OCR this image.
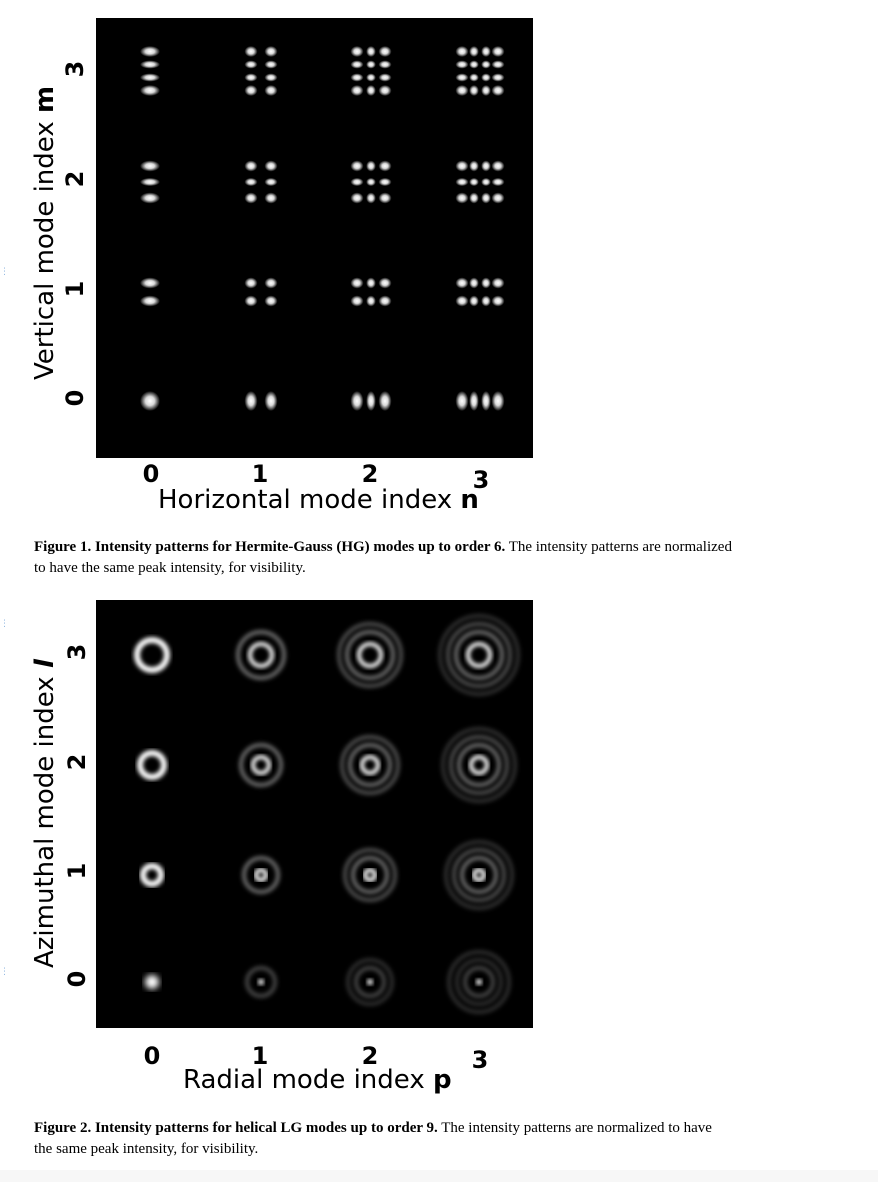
0	1	2	3
Horizontal mode index n
3
2
1
0
Vertical mode index m
Figure 1. Intensity patterns for Hermite-Gauss (HG) modes up to order 6. The intensity patterns are normalized to have the same peak intensity, for visibility.
⋮
⋮
⋮
0	1	2	3
Radial mode index p
3
2
1
0
Azimuthal mode index l
Figure 2. Intensity patterns for helical LG modes up to order 9. The intensity patterns are normalized to have the same peak intensity, for visibility.
